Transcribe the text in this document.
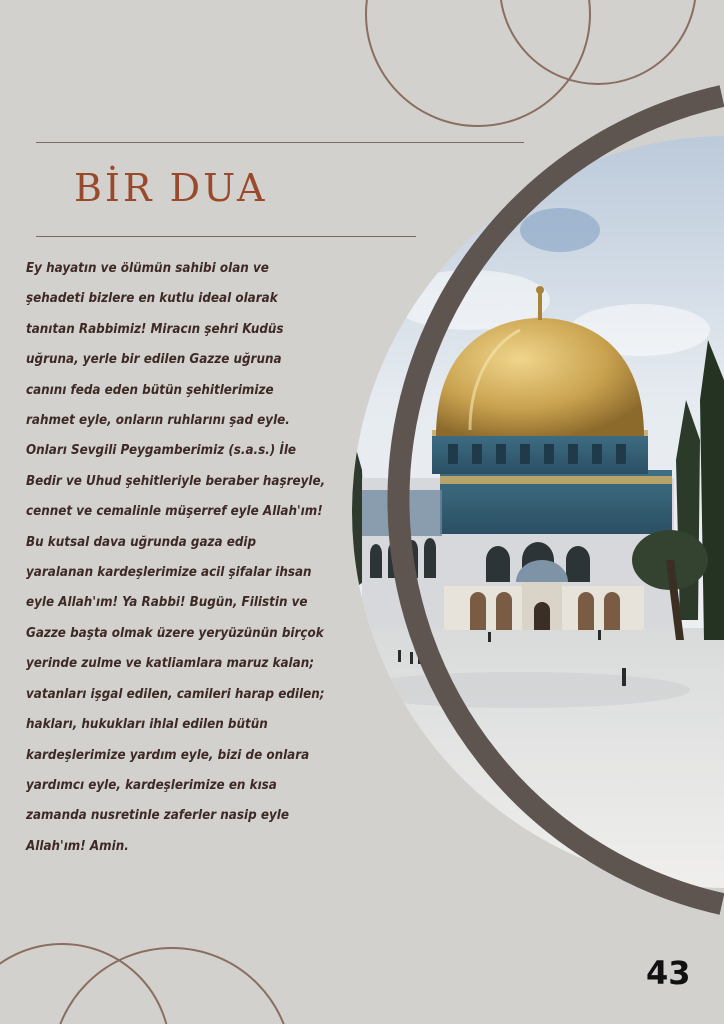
BİR DUA

Ey hayatın ve ölümün sahibi olan ve şehadeti bizlere en kutlu ideal olarak tanıtan Rabbimiz! Miracın şehri Kudüs uğruna, yerle bir edilen Gazze uğruna canını feda eden bütün şehitlerimize rahmet eyle, onların ruhlarını şad eyle. Onları Sevgili Peygamberimiz (s.a.s.) İle Bedir ve Uhud şehitleriyle beraber haşreyle, cennet ve cemalinle müşerref eyle Allah'ım! Bu kutsal dava uğrunda gaza edip yaralanan kardeşlerimize acil şifalar ihsan eyle Allah'ım! Ya Rabbi! Bugün, Filistin ve Gazze başta olmak üzere yeryüzünün birçok yerinde zulme ve katliamlara maruz kalan; vatanları işgal edilen, camileri harap edilen; hakları, hukukları ihlal edilen bütün kardeşlerimize yardım eyle, bizi de onlara yardımcı eyle, kardeşlerimize en kısa zamanda nusretinle zaferler nasip eyle Allah'ım! Amin.

43
